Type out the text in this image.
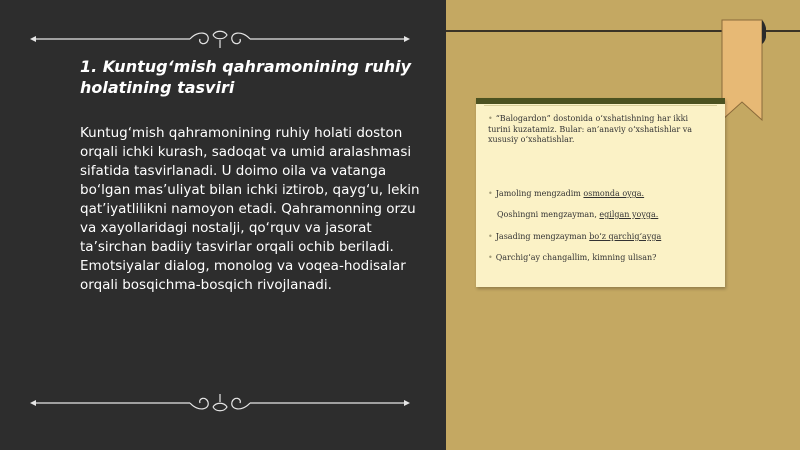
1. Kuntug‘mish qahramonining ruhiy holatining tasviri

Kuntug‘mish qahramonining ruhiy holati doston orqali ichki kurash, sadoqat va umid aralashmasi sifatida tasvirlanadi. U doimo oila va vatanga bo‘lgan mas’uliyat bilan ichki iztirob, qayg‘u, lekin qat’iyatlilikni namoyon etadi. Qahramonning orzu va xayollaridagi nostalji, qo‘rquv va jasorat ta’sirchan badiiy tasvirlar orqali ochib beriladi. Emotsiyalar dialog, monolog va voqea-hodisalar orqali bosqichma-bosqich rivojlanadi.

• “Balogardon” dostonida o‘xshatishning har ikki turini kuzatamiz. Bular: an’anaviy o‘xshatishlar va xususiy o‘xshatishlar.
• Jamoling mengzadim osmonda oyga.
Qoshingni mengzayman, egilgan yoyga.
• Jasading mengzayman bo‘z qarchig‘ayga
• Qarchig‘ay changallim, kimning ulisan?
